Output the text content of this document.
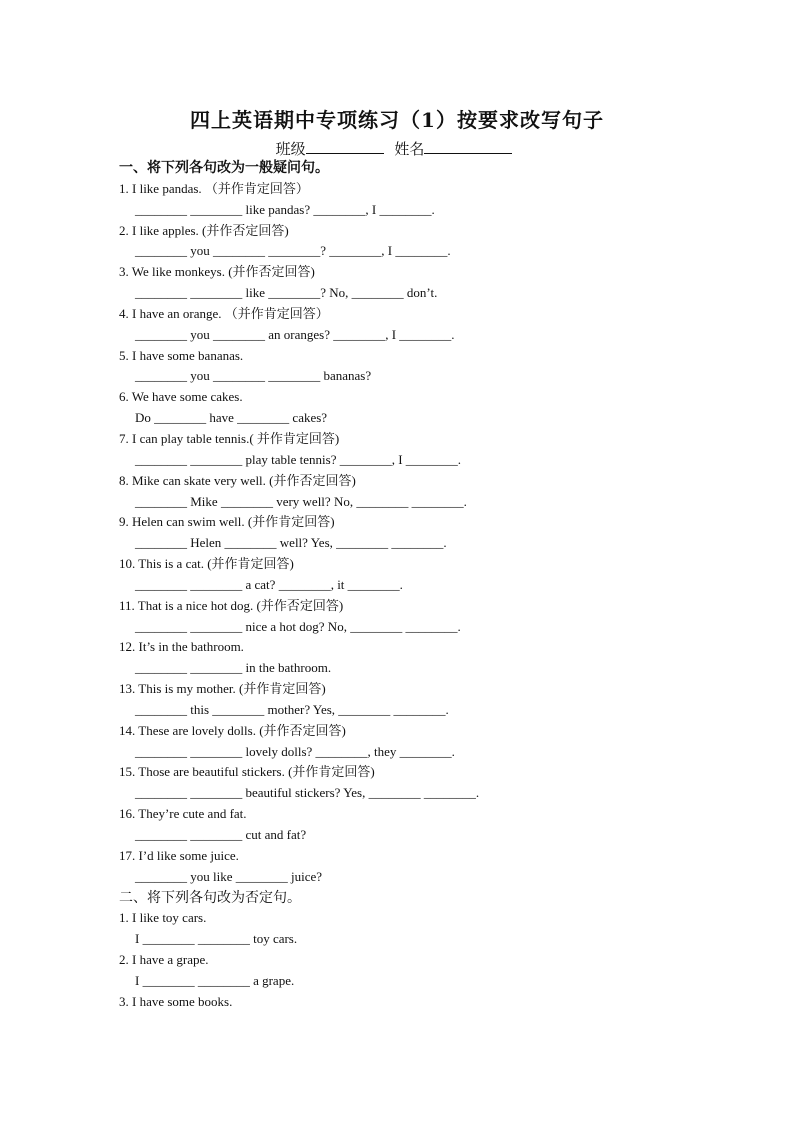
四上英语期中专项练习（1）按要求改写句子
班级	姓名
一、将下列各句改为一般疑问句。
1. I like pandas. （并作肯定回答）
________ ________ like pandas? ________, I ________.
2. I like apples. (并作否定回答)
________ you ________ ________? ________, I ________.
3. We like monkeys. (并作否定回答)
________ ________ like ________? No, ________ don’t.
4. I have an orange. （并作肯定回答）
________ you ________ an oranges? ________, I ________.
5. I have some bananas.
________ you ________ ________ bananas?
6. We have some cakes.
Do ________ have ________ cakes?
7. I can play table tennis.( 并作肯定回答)
________ ________ play table tennis? ________, I ________.
8. Mike can skate very well. (并作否定回答)
________ Mike ________ very well? No, ________ ________.
9. Helen can swim well. (并作肯定回答)
________ Helen ________ well? Yes, ________ ________.
10. This is a cat. (并作肯定回答)
________ ________ a cat? ________, it ________.
11. That is a nice hot dog. (并作否定回答)
________ ________ nice a hot dog? No, ________ ________.
12. It’s in the bathroom.
________ ________ in the bathroom.
13. This is my mother. (并作肯定回答)
________ this ________ mother? Yes, ________ ________.
14. These are lovely dolls. (并作否定回答)
________ ________ lovely dolls? ________, they ________.
15. Those are beautiful stickers. (并作肯定回答)
________ ________ beautiful stickers? Yes, ________ ________.
16. They’re cute and fat.
________ ________ cut and fat?
17. I’d like some juice.
________ you like ________ juice?
二、将下列各句改为否定句。
1. I like toy cars.
I ________ ________ toy cars.
2. I have a grape.
I ________ ________ a grape.
3. I have some books.
